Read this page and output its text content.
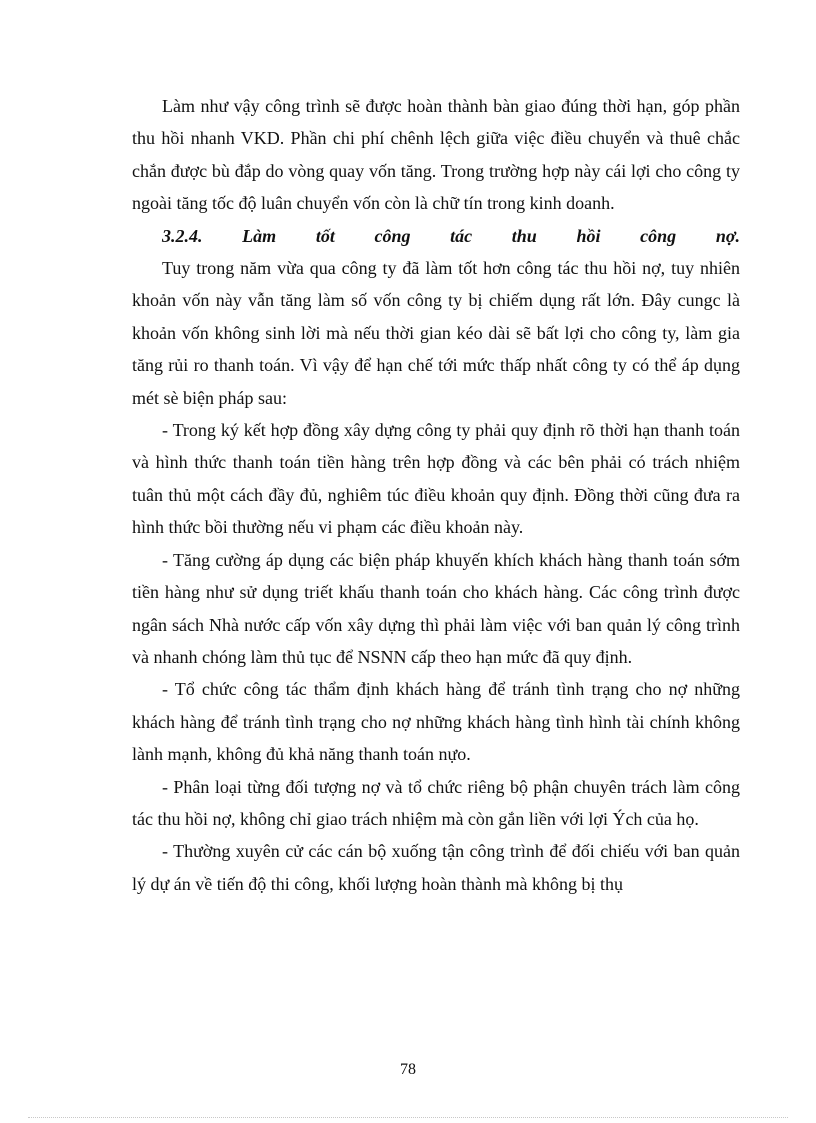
Làm như vậy công trình sẽ được hoàn thành bàn giao đúng thời hạn, góp phần thu hồi nhanh VKD. Phần chi phí chênh lệch giữa việc điều chuyển và thuê chắc chắn được bù đắp do vòng quay vốn tăng. Trong trường hợp này cái lợi cho công ty ngoài tăng tốc độ luân chuyển vốn còn là chữ tín trong kinh doanh.

3.2.4. Làm tốt công tác thu hồi công nợ.

Tuy trong năm vừa qua công ty đã làm tốt hơn công tác thu hồi nợ, tuy nhiên khoản vốn này vẫn tăng làm số vốn công ty bị chiếm dụng rất lớn. Đây cungc là khoản vốn không sinh lời mà nếu thời gian kéo dài sẽ bất lợi cho công ty, làm gia tăng rủi ro thanh toán. Vì vậy để hạn chế tới mức thấp nhất công ty có thể áp dụng mét sè biện pháp sau:

- Trong ký kết hợp đồng xây dựng công ty phải quy định rõ thời hạn thanh toán và hình thức thanh toán tiền hàng trên hợp đồng và các bên phải có trách nhiệm tuân thủ một cách đầy đủ, nghiêm túc điều khoản quy định. Đồng thời cũng đưa ra hình thức bồi thường nếu vi phạm các điều khoản này.

- Tăng cường áp dụng các biện pháp khuyến khích khách hàng thanh toán sớm tiền hàng như sử dụng triết khấu thanh toán cho khách hàng. Các công trình được ngân sách Nhà nước cấp vốn xây dựng thì phải làm việc với ban quản lý công trình và nhanh chóng làm thủ tục để NSNN cấp theo hạn mức đã quy định.

- Tổ chức công tác thẩm định khách hàng để tránh tình trạng cho nợ những khách hàng để tránh tình trạng cho nợ những khách hàng tình hình tài chính không lành mạnh, không đủ khả năng thanh toán nựo.

- Phân loại từng đối tượng nợ và tổ chức riêng bộ phận chuyên trách làm công tác thu hồi nợ, không chỉ giao trách nhiệm mà còn gắn liền với lợi Ých của họ.

- Thường xuyên cử các cán bộ xuống tận công trình để đối chiếu với ban quản lý dự án về tiến độ thi công, khối lượng hoàn thành mà không bị thụ

78
